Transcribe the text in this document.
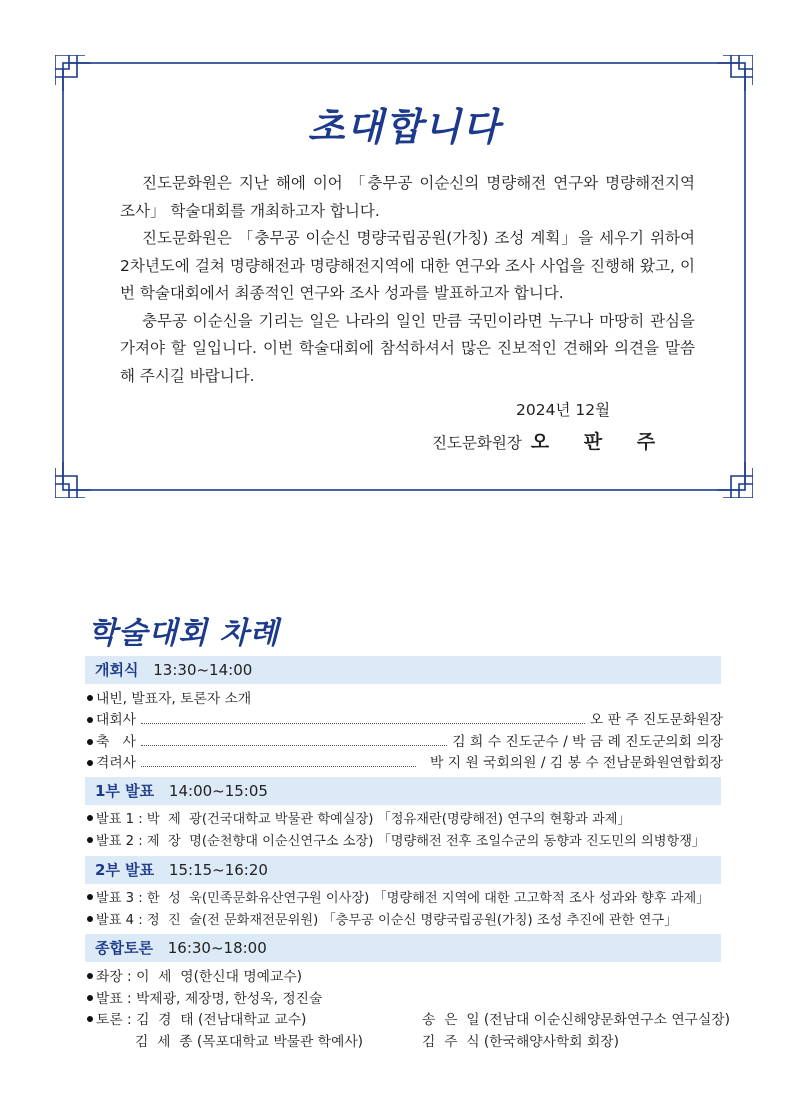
초대합니다

진도문화원은 지난 해에 이어 「충무공 이순신의 명량해전 연구와 명량해전지역 조사」 학술대회를 개최하고자 합니다.

진도문화원은 「충무공 이순신 명량국립공원(가칭) 조성 계획」을 세우기 위하여 2차년도에 걸쳐 명량해전과 명량해전지역에 대한 연구와 조사 사업을 진행해 왔고, 이번 학술대회에서 최종적인 연구와 조사 성과를 발표하고자 합니다.

충무공 이순신을 기리는 일은 나라의 일인 만큼 국민이라면 누구나 마땅히 관심을 가져야 할 일입니다. 이번 학술대회에 참석하셔서 많은 진보적인 견해와 의견을 말씀해 주시길 바랍니다.

2024년 12월
진도문화원장 오 판 주
학술대회 차례
개회식 13:30~14:00
내빈, 발표자, 토론자 소개
대회사	오 판 주 진도문화원장
축   사	김 희 수 진도군수 / 박 금 례 진도군의회 의장
격려사	박 지 원 국회의원 / 김 봉 수 전남문화원연합회장
1부 발표 14:00~15:05
발표 1 : 박  제  광(건국대학교 박물관 학예실장) 「정유재란(명량해전) 연구의 현황과 과제」
발표 2 : 제  장  명(순천향대 이순신연구소 소장) 「명량해전 전후 조일수군의 동향과 진도민의 의병항쟁」
2부 발표 15:15~16:20
발표 3 : 한  성  욱(민족문화유산연구원 이사장) 「명량해전 지역에 대한 고고학적 조사 성과와 향후 과제」
발표 4 : 정  진  술(전 문화재전문위원) 「충무공 이순신 명량국립공원(가칭) 조성 추진에 관한 연구」
종합토론 16:30~18:00
좌장 : 이  세  영(한신대 명예교수)
발표 : 박제광, 제장명, 한성욱, 정진술
토론 : 김  경  태 (전남대학교 교수)	송  은  일 (전남대 이순신해양문화연구소 연구실장)
김  세  종 (목포대학교 박물관 학예사)	김  주  식 (한국해양사학회 회장)
